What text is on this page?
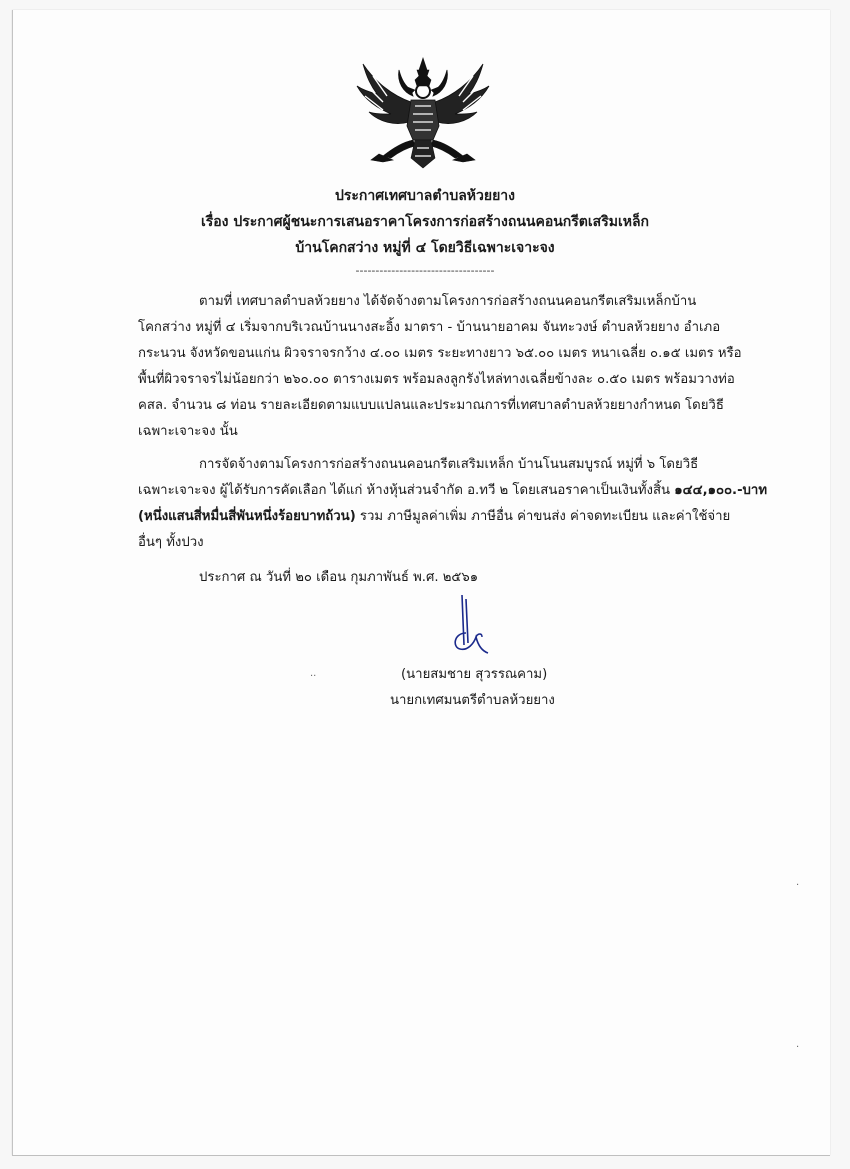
ประกาศเทศบาลตำบลห้วยยาง
เรื่อง ประกาศผู้ชนะการเสนอราคาโครงการก่อสร้างถนนคอนกรีตเสริมเหล็ก
บ้านโคกสว่าง หมู่ที่ ๔ โดยวิธีเฉพาะเจาะจง
-----------------------------------
ตามที่ เทศบาลตำบลห้วยยาง ได้จัดจ้างตามโครงการก่อสร้างถนนคอนกรีตเสริมเหล็กบ้าน
โคกสว่าง หมู่ที่ ๔ เริ่มจากบริเวณบ้านนางสะอิ้ง มาตรา - บ้านนายอาคม จันทะวงษ์ ตำบลห้วยยาง อำเภอ
กระนวน จังหวัดขอนแก่น ผิวจราจรกว้าง ๔.๐๐ เมตร ระยะทางยาว ๖๕.๐๐ เมตร หนาเฉลี่ย ๐.๑๕ เมตร หรือ
พื้นที่ผิวจราจรไม่น้อยกว่า ๒๖๐.๐๐ ตารางเมตร พร้อมลงลูกรังไหล่ทางเฉลี่ยข้างละ ๐.๕๐ เมตร พร้อมวางท่อ
คสล. จำนวน ๘ ท่อน รายละเอียดตามแบบแปลนและประมาณการที่เทศบาลตำบลห้วยยางกำหนด โดยวิธี
เฉพาะเจาะจง นั้น
การจัดจ้างตามโครงการก่อสร้างถนนคอนกรีตเสริมเหล็ก บ้านโนนสมบูรณ์ หมู่ที่ ๖ โดยวิธี
เฉพาะเจาะจง ผู้ได้รับการคัดเลือก ได้แก่ ห้างหุ้นส่วนจำกัด อ.ทวี ๒ โดยเสนอราคาเป็นเงินทั้งสิ้น ๑๔๔,๑๐๐.-บาท
(หนึ่งแสนสี่หมื่นสี่พันหนึ่งร้อยบาทถ้วน) รวม ภาษีมูลค่าเพิ่ม ภาษีอื่น ค่าขนส่ง ค่าจดทะเบียน และค่าใช้จ่าย
อื่นๆ ทั้งปวง
ประกาศ ณ วันที่ ๒๐ เดือน กุมภาพันธ์ พ.ศ. ๒๕๖๑
(นายสมชาย สุวรรณคาม)
นายกเทศมนตรีตำบลห้วยยาง
..
·
·
